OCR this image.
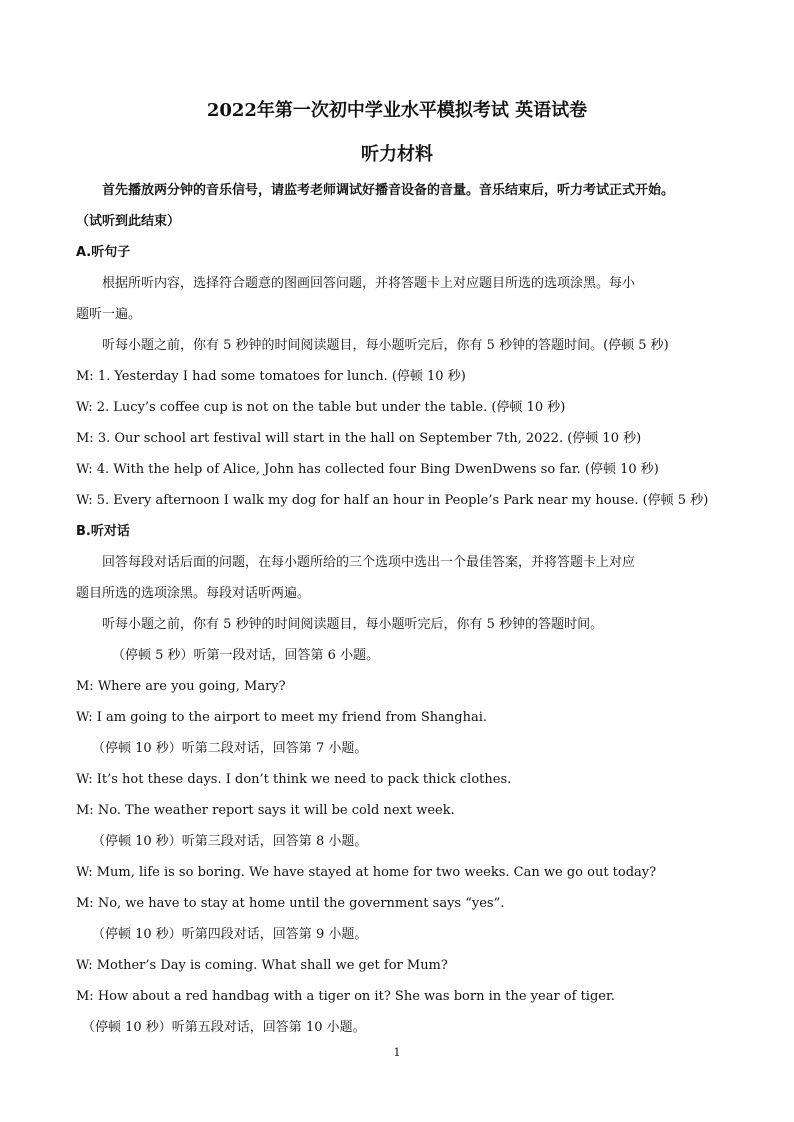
2022年第一次初中学业水平模拟考试 英语试卷
听力材料
首先播放两分钟的音乐信号，请监考老师调试好播音设备的音量。音乐结束后，听力考试正式开始。
（试听到此结束）
A.听句子
根据所听内容，选择符合题意的图画回答问题，并将答题卡上对应题目所选的选项涂黑。每小
题听一遍。
听每小题之前，你有 5 秒钟的时间阅读题目，每小题听完后，你有 5 秒钟的答题时间。(停顿 5 秒)
M: 1. Yesterday I had some tomatoes for lunch. (停顿 10 秒)
W: 2. Lucy’s coffee cup is not on the table but under the table. (停顿 10 秒)
M: 3. Our school art festival will start in the hall on September 7th, 2022. (停顿 10 秒)
W: 4. With the help of Alice, John has collected four Bing DwenDwens so far. (停顿 10 秒)
W: 5. Every afternoon I walk my dog for half an hour in People’s Park near my house. (停顿 5 秒)
B.听对话
回答每段对话后面的问题，在每小题所给的三个选项中选出一个最佳答案，并将答题卡上对应
题目所选的选项涂黑。每段对话听两遍。
听每小题之前，你有 5 秒钟的时间阅读题目，每小题听完后，你有 5 秒钟的答题时间。
（停顿 5 秒）听第一段对话，回答第 6 小题。
M: Where are you going, Mary?
W: I am going to the airport to meet my friend from Shanghai.
（停顿 10 秒）听第二段对话，回答第 7 小题。
W: It’s hot these days. I don’t think we need to pack thick clothes.
M: No. The weather report says it will be cold next week.
（停顿 10 秒）听第三段对话，回答第 8 小题。
W: Mum, life is so boring. We have stayed at home for two weeks. Can we go out today?
M: No, we have to stay at home until the government says “yes”.
（停顿 10 秒）听第四段对话，回答第 9 小题。
W: Mother’s Day is coming. What shall we get for Mum?
M: How about a red handbag with a tiger on it? She was born in the year of tiger.
（停顿 10 秒）听第五段对话，回答第 10 小题。
1
